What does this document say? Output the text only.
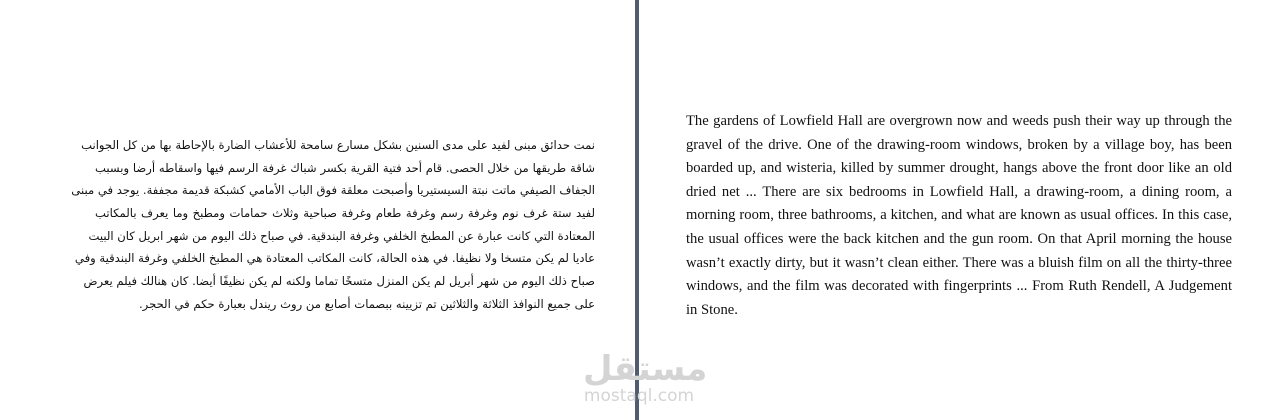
نمت حدائق مبنى لفيد على مدى السنين بشكل مسارع سامحة للأعشاب الضارة بالإحاطة بها من كل الجوانب
شاقة طريقها من خلال الحصى. قام أحد فتية القرية بكسر شباك غرفة الرسم فيها واسقاطه أرضا وبسبب
الجفاف الصيفي ماتت نبتة السيستيريا وأصبحت معلقة فوق الباب الأمامي كشبكة قديمة مجففة. يوجد في مبنى
لفيد ستة غرف نوم وغرفة رسم وغرفة طعام وغرفة صباحية وثلاث حمامات ومطبخ وما يعرف بالمكاتب
المعتادة التي كانت عبارة عن المطبخ الخلفي وغرفة البندقية. في صباح ذلك اليوم من شهر ابريل كان البيت
عاديا لم يكن متسخا ولا نظيفا. في هذه الحالة، كانت المكاتب المعتادة هي المطبخ الخلفي وغرفة البندقية وفي
صباح ذلك اليوم من شهر أبريل لم يكن المنزل متسخًا تماما ولكنه لم يكن نظيفًا أيضا. كان هنالك فيلم يعرض
على جميع النوافذ الثلاثة والثلاثين تم تزيينه ببصمات أصابع من روث ريندل بعبارة حكم في الحجر.
The gardens of Lowfield Hall are overgrown now and weeds push their way up through the gravel of the drive. One of the drawing-room windows, broken by a village boy, has been boarded up, and wisteria, killed by summer drought, hangs above the front door like an old dried net ... There are six bedrooms in Lowfield Hall, a drawing-room, a dining room, a morning room, three bathrooms, a kitchen, and what are known as usual offices. In this case, the usual offices were the back kitchen and the gun room. On that April morning the house wasn’t exactly dirty, but it wasn’t clean either. There was a bluish film on all the thirty-three windows, and the film was decorated with fingerprints ... From Ruth Rendell, A Judgement in Stone.
مستقل
mostaql.com
